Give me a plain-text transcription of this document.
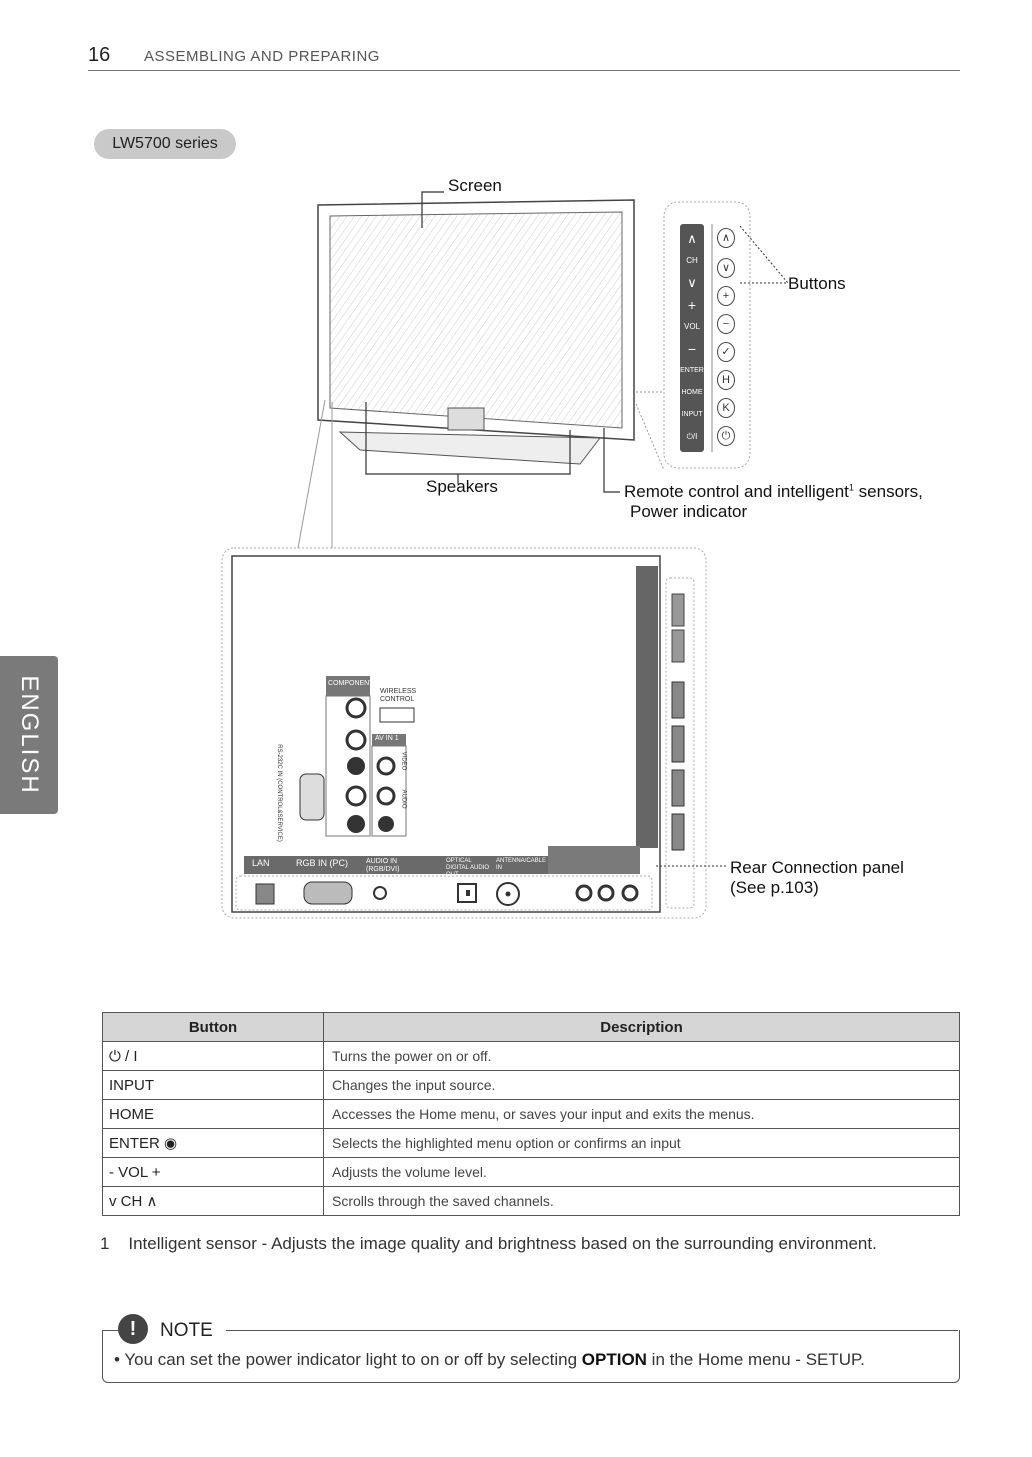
16 ASSEMBLING AND PREPARING
LW5700 series
ENGLISH
∧
CH
∨
+
VOL
−
ENTER
HOME
INPUT
⏻/I
∧
∨
+
−
✓
H
K
⏻
LAN	RGB IN (PC)	AUDIO IN (RGB/DVI)
OPTICAL DIGITAL AUDIO OUT
ANTENNA/CABLE IN
COMPONENT
WIRELESS CONTROL
AV IN 1
RS-232C IN (CONTROL&SERVICE)	VIDEO
AUDIO
Screen
Buttons
Speakers	Remote control and intelligent$^1$ sensors,
Power indicator
Rear Connection panel
(See p.103)
Button	Description
⏻ / I	Turns the power on or off.
INPUT	Changes the input source.
HOME	Accesses the Home menu, or saves your input and exits the menus.
ENTER ◉	Selects the highlighted menu option or confirms an input
- VOL +	Adjusts the volume level.
v CH ∧	Scrolls through the saved channels.
1 Intelligent sensor - Adjusts the image quality and brightness based on the surrounding environment.
!	NOTE
• You can set the power indicator light to on or off by selecting OPTION in the Home menu - SETUP.
